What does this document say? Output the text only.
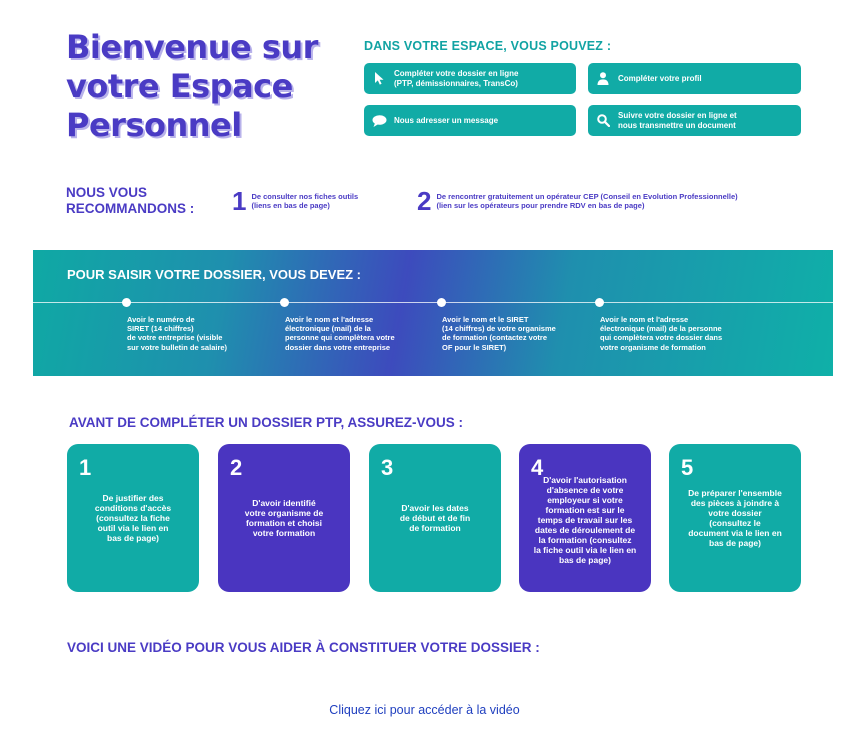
Bienvenue sur
votre Espace
Personnel
DANS VOTRE ESPACE, VOUS POUVEZ :
Compléter votre dossier en ligne
(PTP, démissionnaires, TransCo)
Compléter votre profil
Nous adresser un message
Suivre votre dossier en ligne et
nous transmettre un document
NOUS VOUS
RECOMMANDONS : 1 De consulter nos fiches outils
(liens en bas de page)	2 De rencontrer gratuitement un opérateur CEP (Conseil en Evolution Professionnelle)
(lien sur les opérateurs pour prendre RDV en bas de page)
POUR SAISIR VOTRE DOSSIER, VOUS DEVEZ :
Avoir le numéro de
SIRET (14 chiffres)
de votre entreprise (visible
sur votre bulletin de salaire)
Avoir le nom et l'adresse
électronique (mail) de la
personne qui complètera votre
dossier dans votre entreprise
Avoir le nom et le SIRET
(14 chiffres) de votre organisme
de formation (contactez votre
OF pour le SIRET)
Avoir le nom et l'adresse
électronique (mail) de la personne
qui complètera votre dossier dans
votre organisme de formation
AVANT DE COMPLÉTER UN DOSSIER PTP, ASSUREZ-VOUS :
1
De justifier des
conditions d'accès
(consultez la fiche
outil via le lien en
bas de page)
2
D'avoir identifié
votre organisme de
formation et choisi
votre formation
3
D'avoir les dates
de début et de fin
de formation
4 D'avoir l'autorisation
d'absence de votre
employeur si votre
formation est sur le
temps de travail sur les
dates de déroulement de
la formation (consultez
la fiche outil via le lien en
bas de page)
5
De préparer l'ensemble
des pièces à joindre à
votre dossier
(consultez le
document via le lien en
bas de page)
VOICI UNE VIDÉO POUR VOUS AIDER À CONSTITUER VOTRE DOSSIER :
Cliquez ici pour accéder à la vidéo
